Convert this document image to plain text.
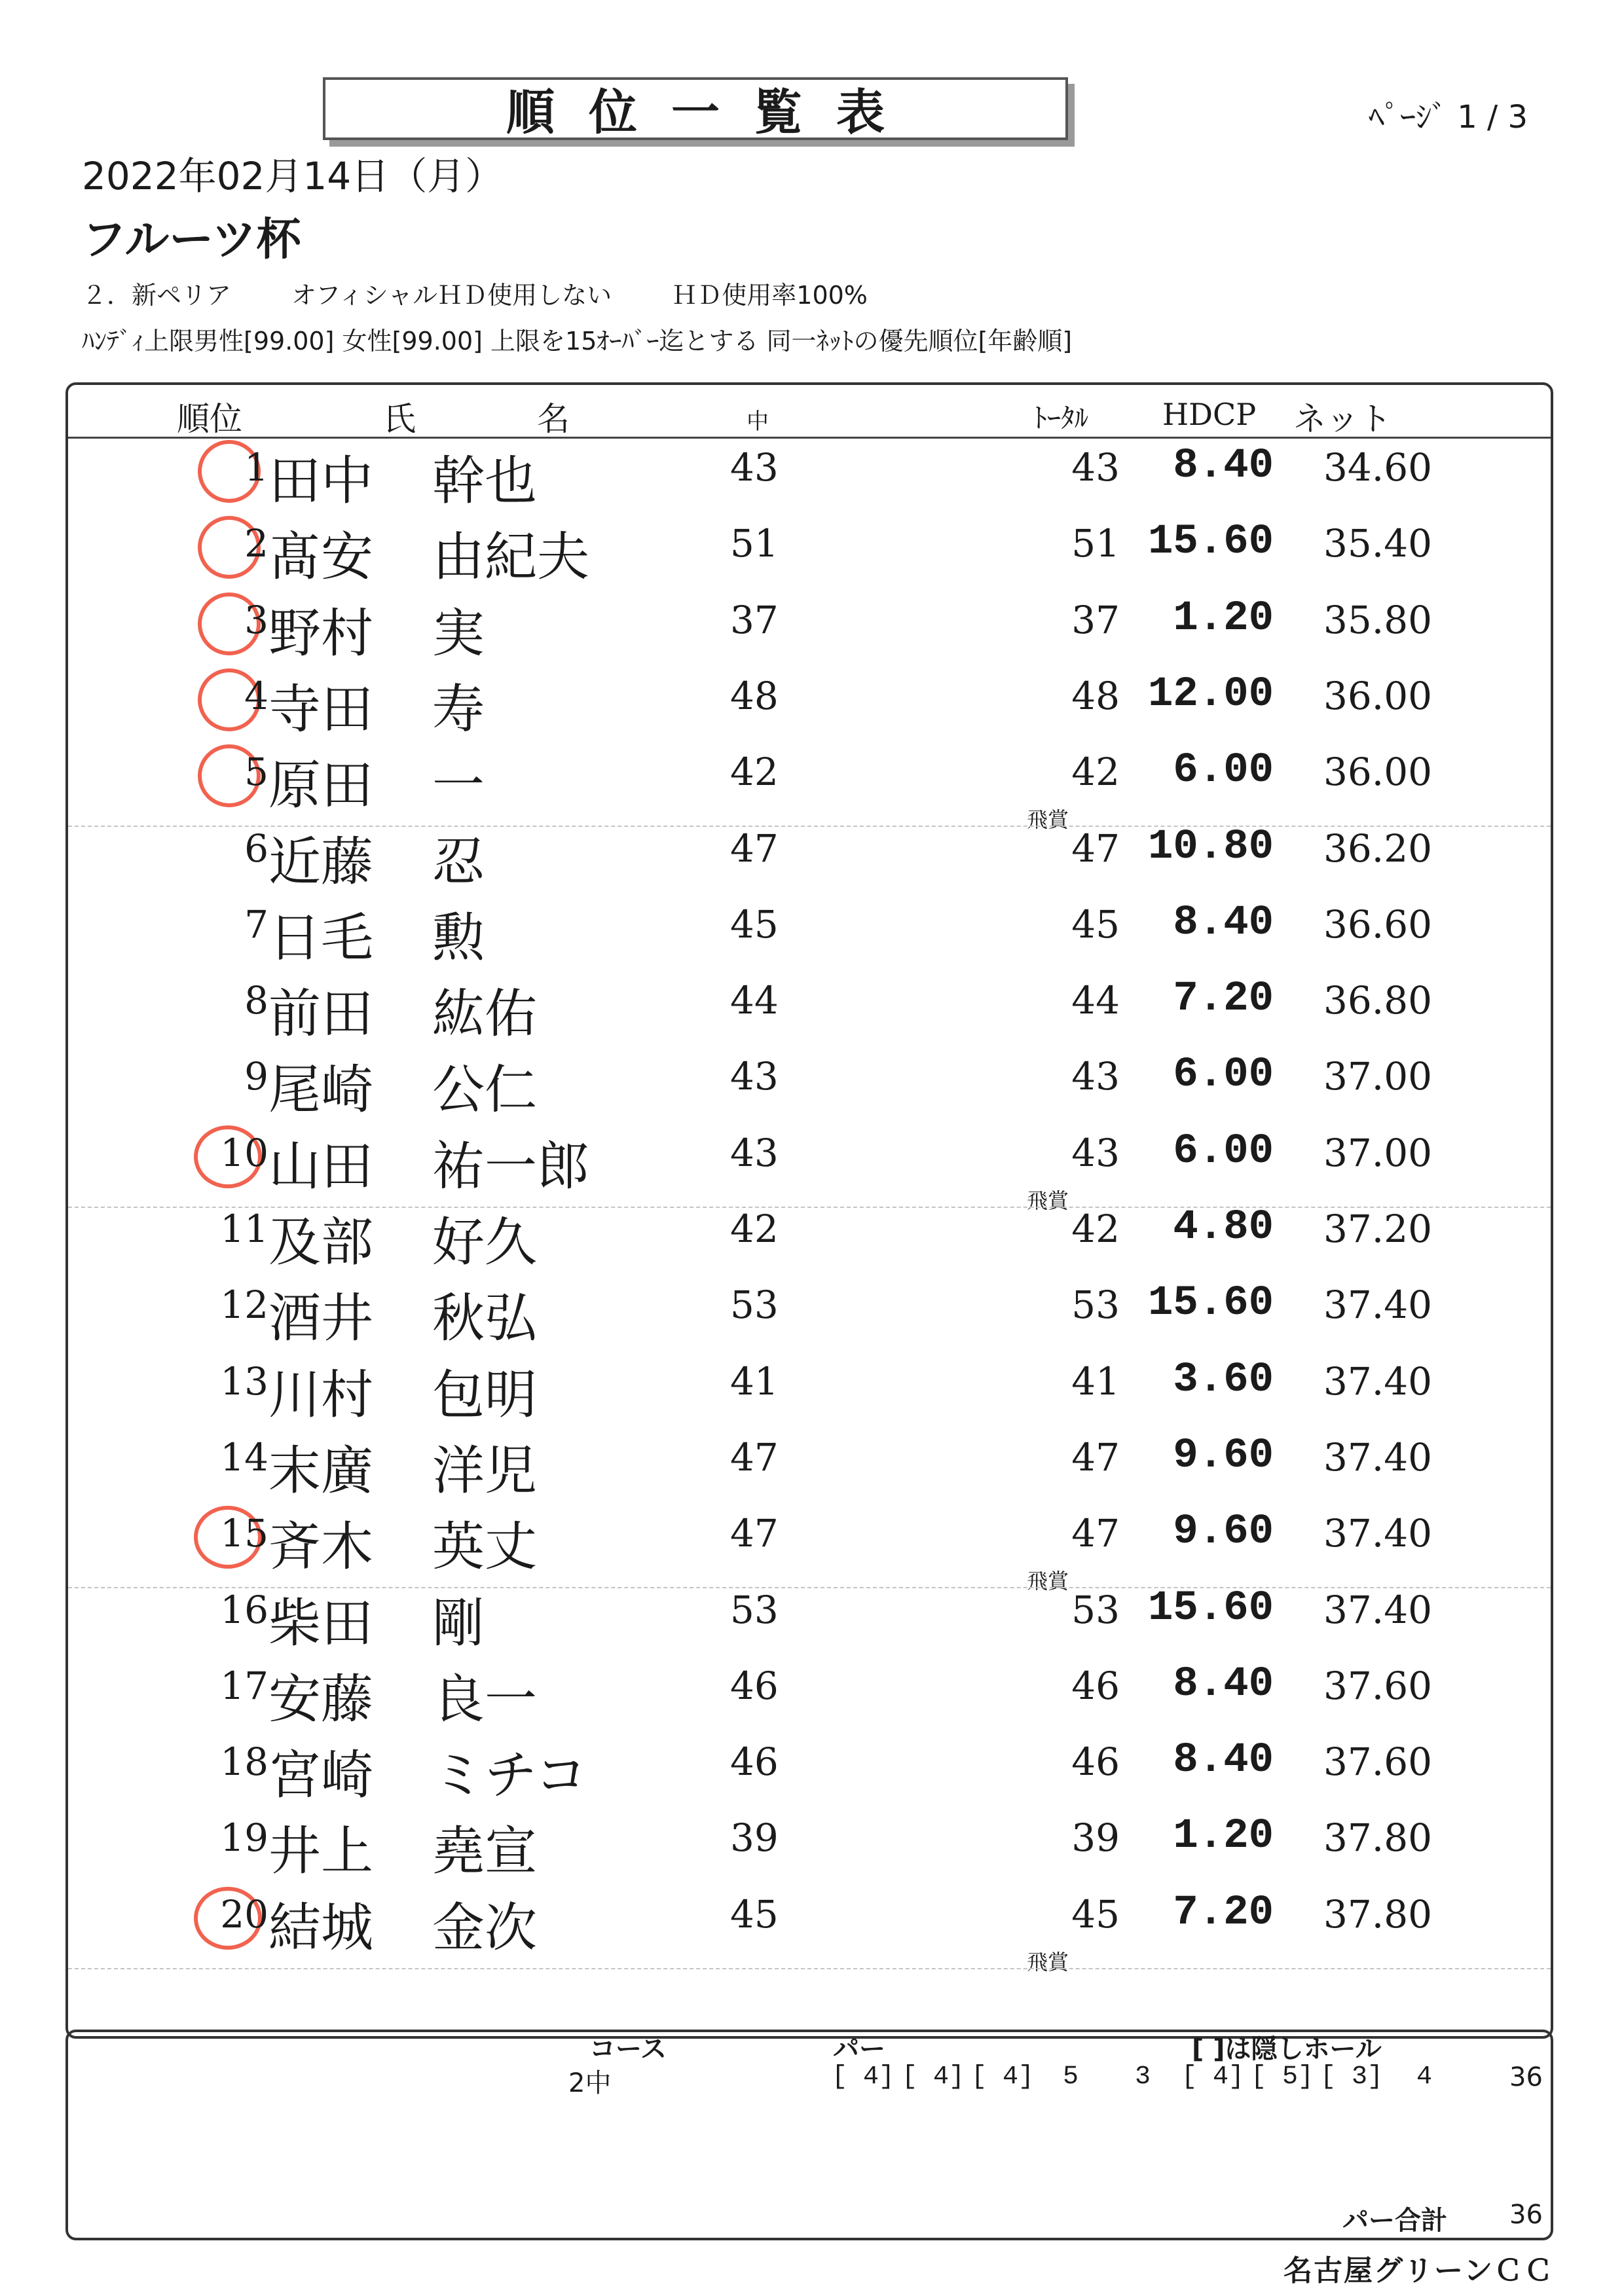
順位一覧表	ﾍﾟｰｼﾞ 1 / 3
2022年02月14日（月）
フルーツ杯
２．新ペリア オフィシャルＨＤ使用しない ＨＤ使用率100%
ﾊﾝﾃﾞｨ上限男性[99.00] 女性[99.00] 上限を15ｵｰﾊﾞｰ迄とする 同一ﾈｯﾄの優先順位[年齢順]
順位	氏	名	中	ﾄｰﾀﾙ HDCP ネット
1 田中 幹也	43	43 8.40 34.60
2 髙安 由紀夫	51	51 15.60 35.40
3 野村 実	37	37 1.20 35.80
4 寺田 寿	48	48 12.00 36.00
5 原田 一	42	42 6.00 36.00
飛賞
6 近藤 忍	47	47 10.80 36.20
7 日毛 勲	45	45 8.40 36.60
8 前田 紘佑	44	44 7.20 36.80
9 尾崎 公仁	43	43 6.00 37.00
10 山田 祐一郎	43	43 6.00 37.00
飛賞
11 及部 好久	42	42 4.80 37.20
12 酒井 秋弘	53	53 15.60 37.40
13 川村 包明	41	41 3.60 37.40
14 末廣 洋児	47	47 9.60 37.40
15 斉木 英丈	47	47 9.60 37.40
飛賞
16 柴田 剛	53	53 15.60 37.40
17 安藤 良一	46	46 8.40 37.60
18 宮崎 ミチコ	46	46 8.40 37.60
19 井上 堯宣	39	39 1.20 37.80
20 結城 金次	45	45 7.20 37.80
飛賞
コース	パー	[ ]は隠しホール
2中	[ 4] [ 4] [ 4] 5 3 [ 4] [ 5] [ 3] 4	36
パー合計 36
名古屋グリーンＣＣ
